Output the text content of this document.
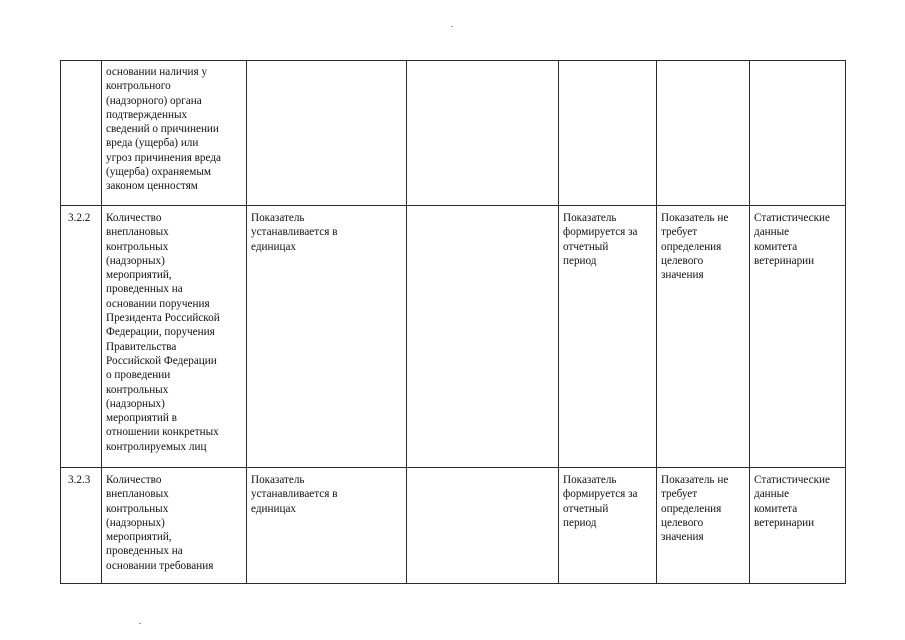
основании наличия у
контрольного
(надзорного) органа
подтвержденных
сведений о причинении
вреда (ущерба) или
угроз причинения вреда
(ущерба) охраняемым
законом ценностям
3.2.2	Количество
внеплановых
контрольных
(надзорных)
мероприятий,
проведенных на
основании поручения
Президента Российской
Федерации, поручения
Правительства
Российской Федерации
о проведении
контрольных
(надзорных)
мероприятий в
отношении конкретных
контролируемых лиц
Показатель
устанавливается в
единицах
Показатель
формируется за
отчетный
период
Показатель не
требует
определения
целевого
значения
Статистические
данные
комитета
ветеринарии
3.2.3	Количество
внеплановых
контрольных
(надзорных)
мероприятий,
проведенных на
основании требования
Показатель
устанавливается в
единицах
Показатель
формируется за
отчетный
период
Показатель не
требует
определения
целевого
значения
Статистические
данные
комитета
ветеринарии
